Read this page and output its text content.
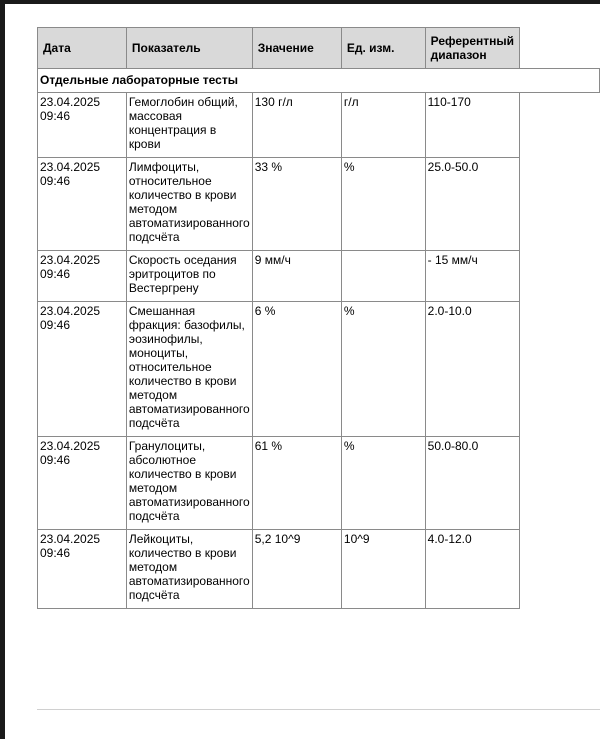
Дата	Показатель	Значение	Ед. изм.	Референтный диапазон	
Отдельные лабораторные тесты					
23.04.2025 09:46	Гемоглобин общий, массовая концентрация в крови	130 г/л	г/л	110-170	
23.04.2025 09:46	Лимфоциты, относительное количество в крови методом автоматизированного подсчёта	33 %	%	25.0-50.0	
23.04.2025 09:46	Скорость оседания эритроцитов по Вестергрену	9 мм/ч		- 15 мм/ч	
23.04.2025 09:46	Смешанная фракция: базофилы, эозинофилы, моноциты, относительное количество в крови методом автоматизированного подсчёта	6 %	%	2.0-10.0	
23.04.2025 09:46	Гранулоциты, абсолютное количество в крови методом автоматизированного подсчёта	61 %	%	50.0-80.0	
23.04.2025 09:46	Лейкоциты, количество в крови методом автоматизированного подсчёта	5,2 10^9	10^9	4.0-12.0	
